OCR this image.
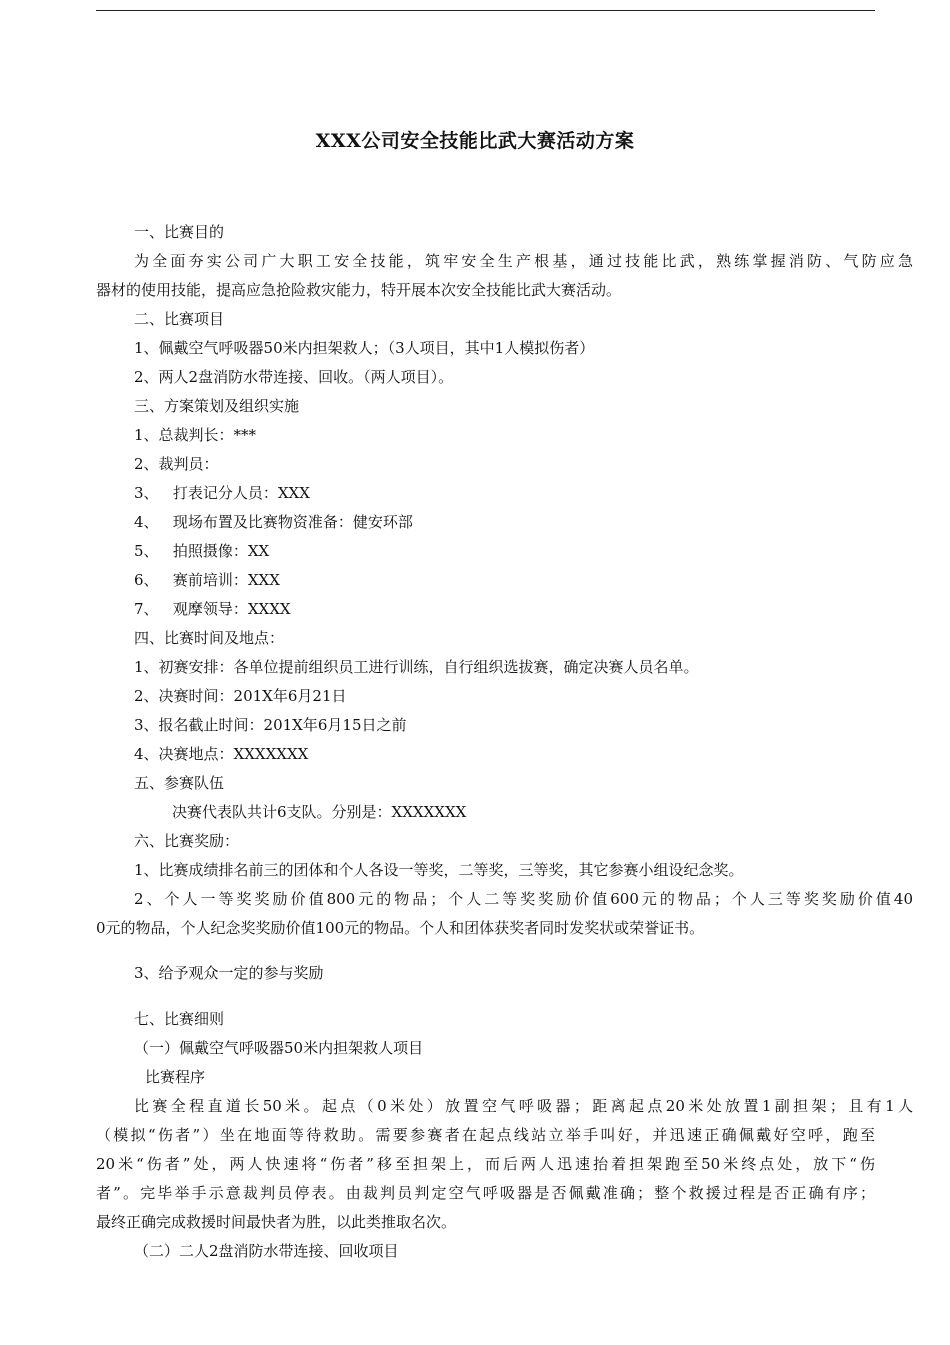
XXX公司安全技能比武大赛活动方案
一、比赛目的
为全面夯实公司广大职工安全技能，筑牢安全生产根基，通过技能比武，熟练掌握消防、气防应急
器材的使用技能，提高应急抢险救灾能力，特开展本次安全技能比武大赛活动。
二、比赛项目
1、佩戴空气呼吸器50米内担架救人；（3人项目，其中1人模拟伤者）
2、两人2盘消防水带连接、回收。（两人项目）。
三、方案策划及组织实施
1、总裁判长：***
2、裁判员：
3、   打表记分人员：XXX
4、   现场布置及比赛物资准备：健安环部
5、   拍照摄像：XX
6、   赛前培训：XXX
7、   观摩领导：XXXX
四、比赛时间及地点：
1、初赛安排：各单位提前组织员工进行训练，自行组织选拔赛，确定决赛人员名单。
2、决赛时间：201X年6月21日
3、报名截止时间：201X年6月15日之前
4、决赛地点：XXXXXXX
五、参赛队伍
决赛代表队共计6支队。分别是：XXXXXXX
六、比赛奖励：
1、比赛成绩排名前三的团体和个人各设一等奖，二等奖，三等奖，其它参赛小组设纪念奖。
2、个人一等奖奖励价值800元的物品；个人二等奖奖励价值600元的物品；个人三等奖奖励价值40
0元的物品，个人纪念奖奖励价值100元的物品。个人和团体获奖者同时发奖状或荣誉证书。
3、给予观众一定的参与奖励
七、比赛细则
（一）佩戴空气呼吸器50米内担架救人项目
比赛程序
比赛全程直道长50米。起点（0米处）放置空气呼吸器；距离起点20米处放置1副担架；且有1人
（模拟“伤者”）坐在地面等待救助。需要参赛者在起点线站立举手叫好，并迅速正确佩戴好空呼，跑至
20米“伤者”处，两人快速将“伤者”移至担架上，而后两人迅速抬着担架跑至50米终点处，放下“伤
者”。完毕举手示意裁判员停表。由裁判员判定空气呼吸器是否佩戴准确；整个救援过程是否正确有序；
最终正确完成救援时间最快者为胜，以此类推取名次。
（二）二人2盘消防水带连接、回收项目
